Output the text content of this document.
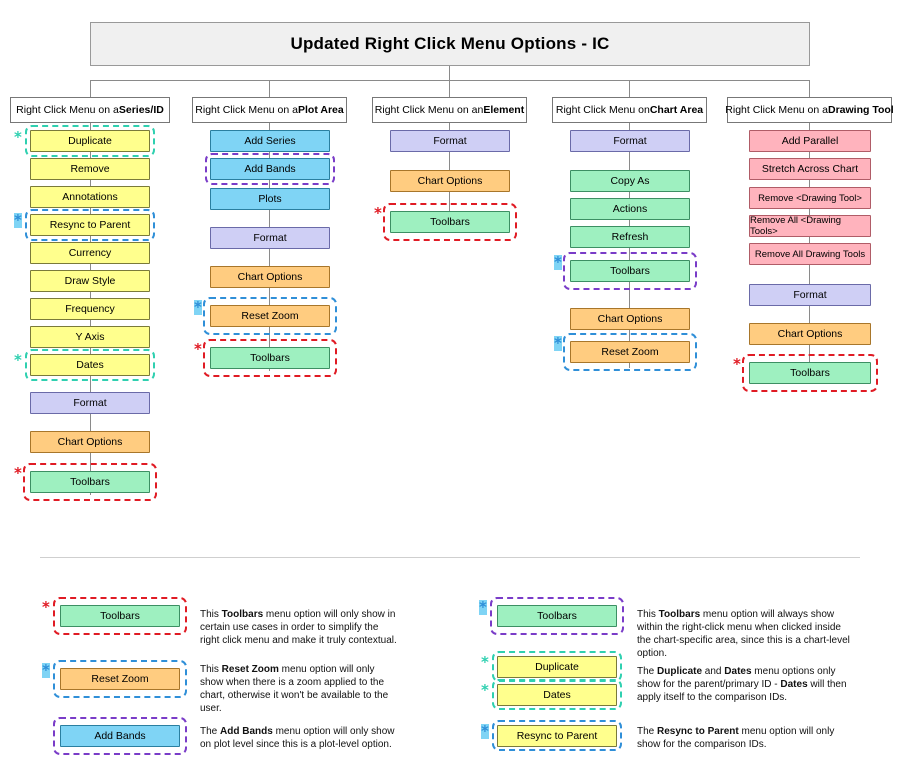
Updated Right Click Menu Options - IC
Right Click Menu on a Series/ID
Duplicate
Remove
Annotations
Resync to Parent
Currency
Draw Style
Frequency
Y Axis
Dates
Format
Chart Options
Toolbars
*
*
*
*
Right Click Menu on a Plot Area
Add Series
Add Bands
Plots
Format
Chart Options
Reset Zoom
Toolbars
*
*
Right Click Menu on an Element
Format
Chart Options
Toolbars
*
Right Click Menu on Chart Area
Format
Copy As
Actions
Refresh
Toolbars
Chart Options
Reset Zoom
*
*
Right Click Menu on a Drawing Tool
Add Parallel
Stretch Across Chart
Remove <Drawing Tool>
Remove All <Drawing Tools>
Remove All Drawing Tools
Format
Chart Options
Toolbars
*
Toolbars
*	This Toolbars menu option will only show in certain use cases in order to simplify the right click menu and make it truly contextual.
Reset Zoom
*	This Reset Zoom menu option will only show when there is a zoom applied to the chart, otherwise it won't be available to the user.
Add Bands	The Add Bands menu option will only show on plot level since this is a plot-level option.
Toolbars
*	This Toolbars menu option will always show within the right-click menu when clicked inside the chart-specific area, since this is a chart-level option.
Duplicate
*
Dates
*
The Duplicate and Dates menu options only show for the parent/primary ID - Dates will then apply itself to the comparison IDs.
Resync to Parent
*	The Resync to Parent menu option will only show for the comparison IDs.
